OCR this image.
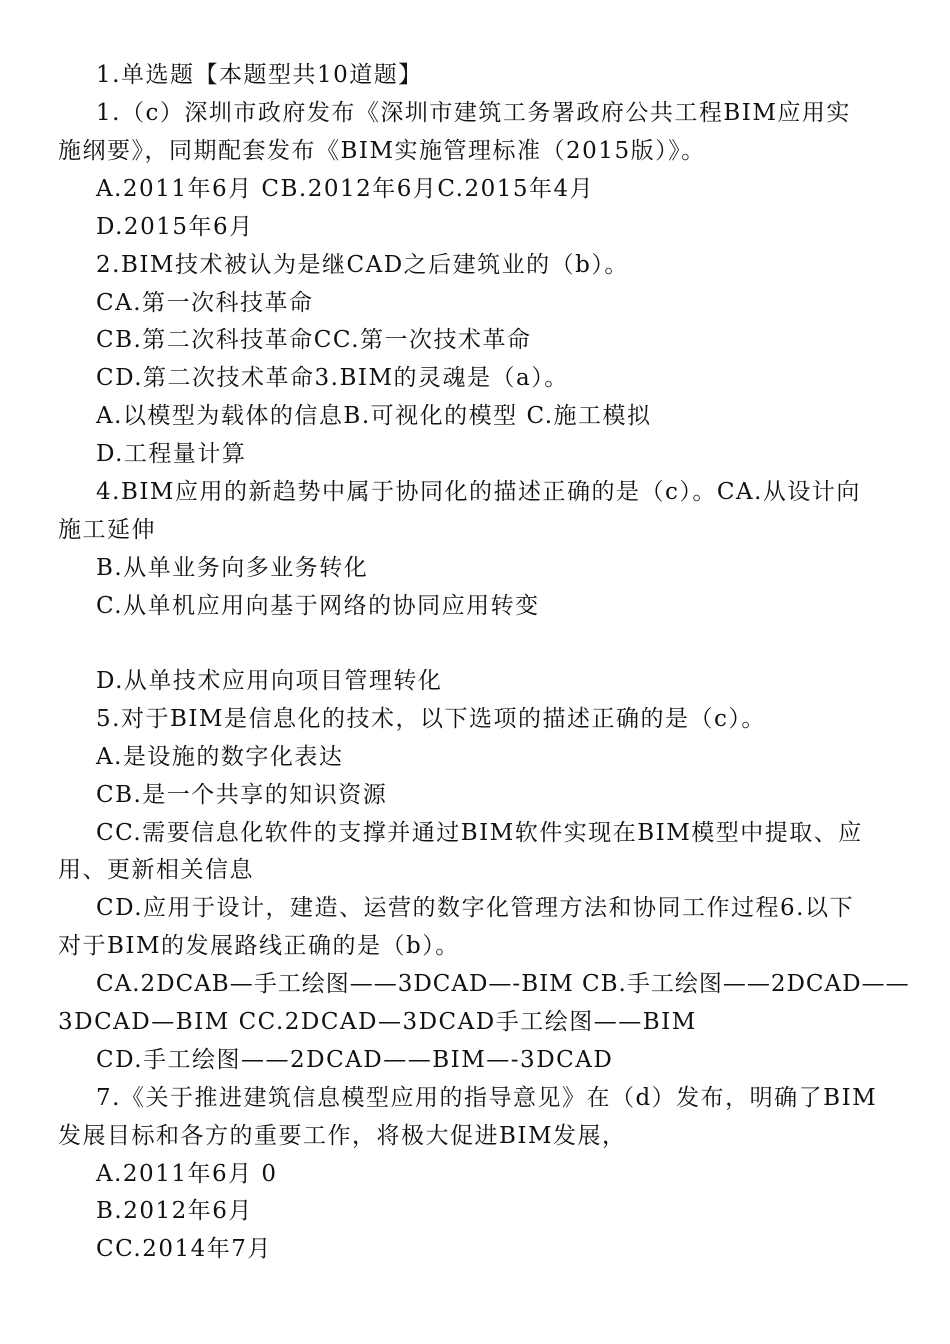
1.单选题【本题型共10道题】
1.（c）深圳市政府发布《深圳市建筑工务署政府公共工程BIM应用实
施纲要》，同期配套发布《BIM实施管理标准（2015版）》。
A.2011年6月 CB.2012年6月C.2015年4月
D.2015年6月
2.BIM技术被认为是继CAD之后建筑业的（b）。
CA.第一次科技革命
CB.第二次科技革命CC.第一次技术革命
CD.第二次技术革命3.BIM的灵魂是（a）。
A.以模型为载体的信息B.可视化的模型 C.施工模拟
D.工程量计算
4.BIM应用的新趋势中属于协同化的描述正确的是（c）。CA.从设计向
施工延伸
B.从单业务向多业务转化
C.从单机应用向基于网络的协同应用转变
D.从单技术应用向项目管理转化
5.对于BIM是信息化的技术，以下选项的描述正确的是（c）。
A.是设施的数字化表达
CB.是一个共享的知识资源
CC.需要信息化软件的支撑并通过BIM软件实现在BIM模型中提取、应
用、更新相关信息
CD.应用于设计，建造、运营的数字化管理方法和协同工作过程6.以下
对于BIM的发展路线正确的是（b）。
CA.2DCAB—手工绘图——3DCAD—-BIM CB.手工绘图——2DCAD——
3DCAD—BIM CC.2DCAD—3DCAD手工绘图——BIM
CD.手工绘图——2DCAD——BIM—-3DCAD
7.《关于推进建筑信息模型应用的指导意见》在（d）发布，明确了BIM
发展目标和各方的重要工作，将极大促进BIM发展，
A.2011年6月 0
B.2012年6月
CC.2014年7月
